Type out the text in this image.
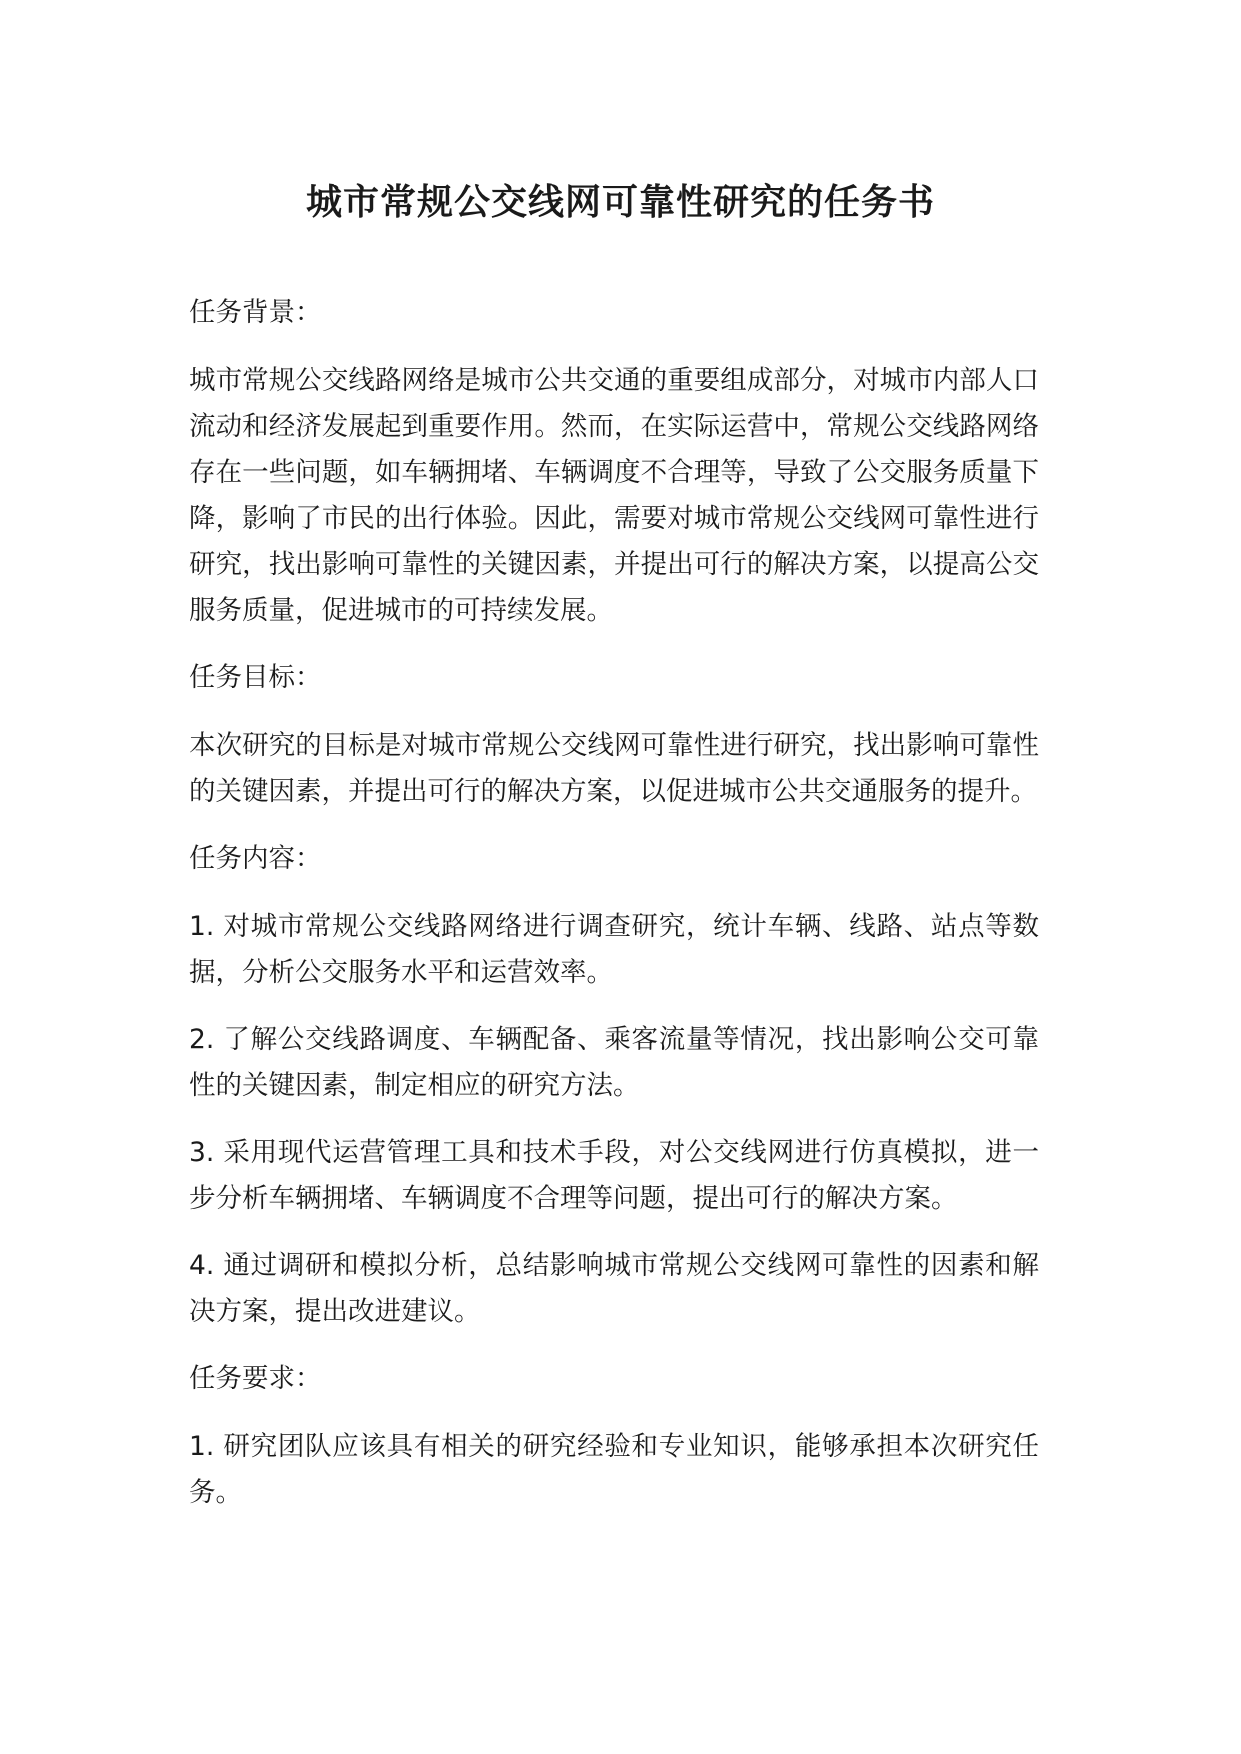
城市常规公交线网可靠性研究的任务书

任务背景：

城市常规公交线路网络是城市公共交通的重要组成部分，对城市内部人口流动和经济发展起到重要作用。然而，在实际运营中，常规公交线路网络存在一些问题，如车辆拥堵、车辆调度不合理等，导致了公交服务质量下降，影响了市民的出行体验。因此，需要对城市常规公交线网可靠性进行研究，找出影响可靠性的关键因素，并提出可行的解决方案，以提高公交服务质量，促进城市的可持续发展。

任务目标：

本次研究的目标是对城市常规公交线网可靠性进行研究，找出影响可靠性的关键因素，并提出可行的解决方案，以促进城市公共交通服务的提升。

任务内容：

1. 对城市常规公交线路网络进行调查研究，统计车辆、线路、站点等数据，分析公交服务水平和运营效率。

2. 了解公交线路调度、车辆配备、乘客流量等情况，找出影响公交可靠性的关键因素，制定相应的研究方法。

3. 采用现代运营管理工具和技术手段，对公交线网进行仿真模拟，进一步分析车辆拥堵、车辆调度不合理等问题，提出可行的解决方案。

4. 通过调研和模拟分析，总结影响城市常规公交线网可靠性的因素和解决方案，提出改进建议。

任务要求：

1. 研究团队应该具有相关的研究经验和专业知识，能够承担本次研究任务。
